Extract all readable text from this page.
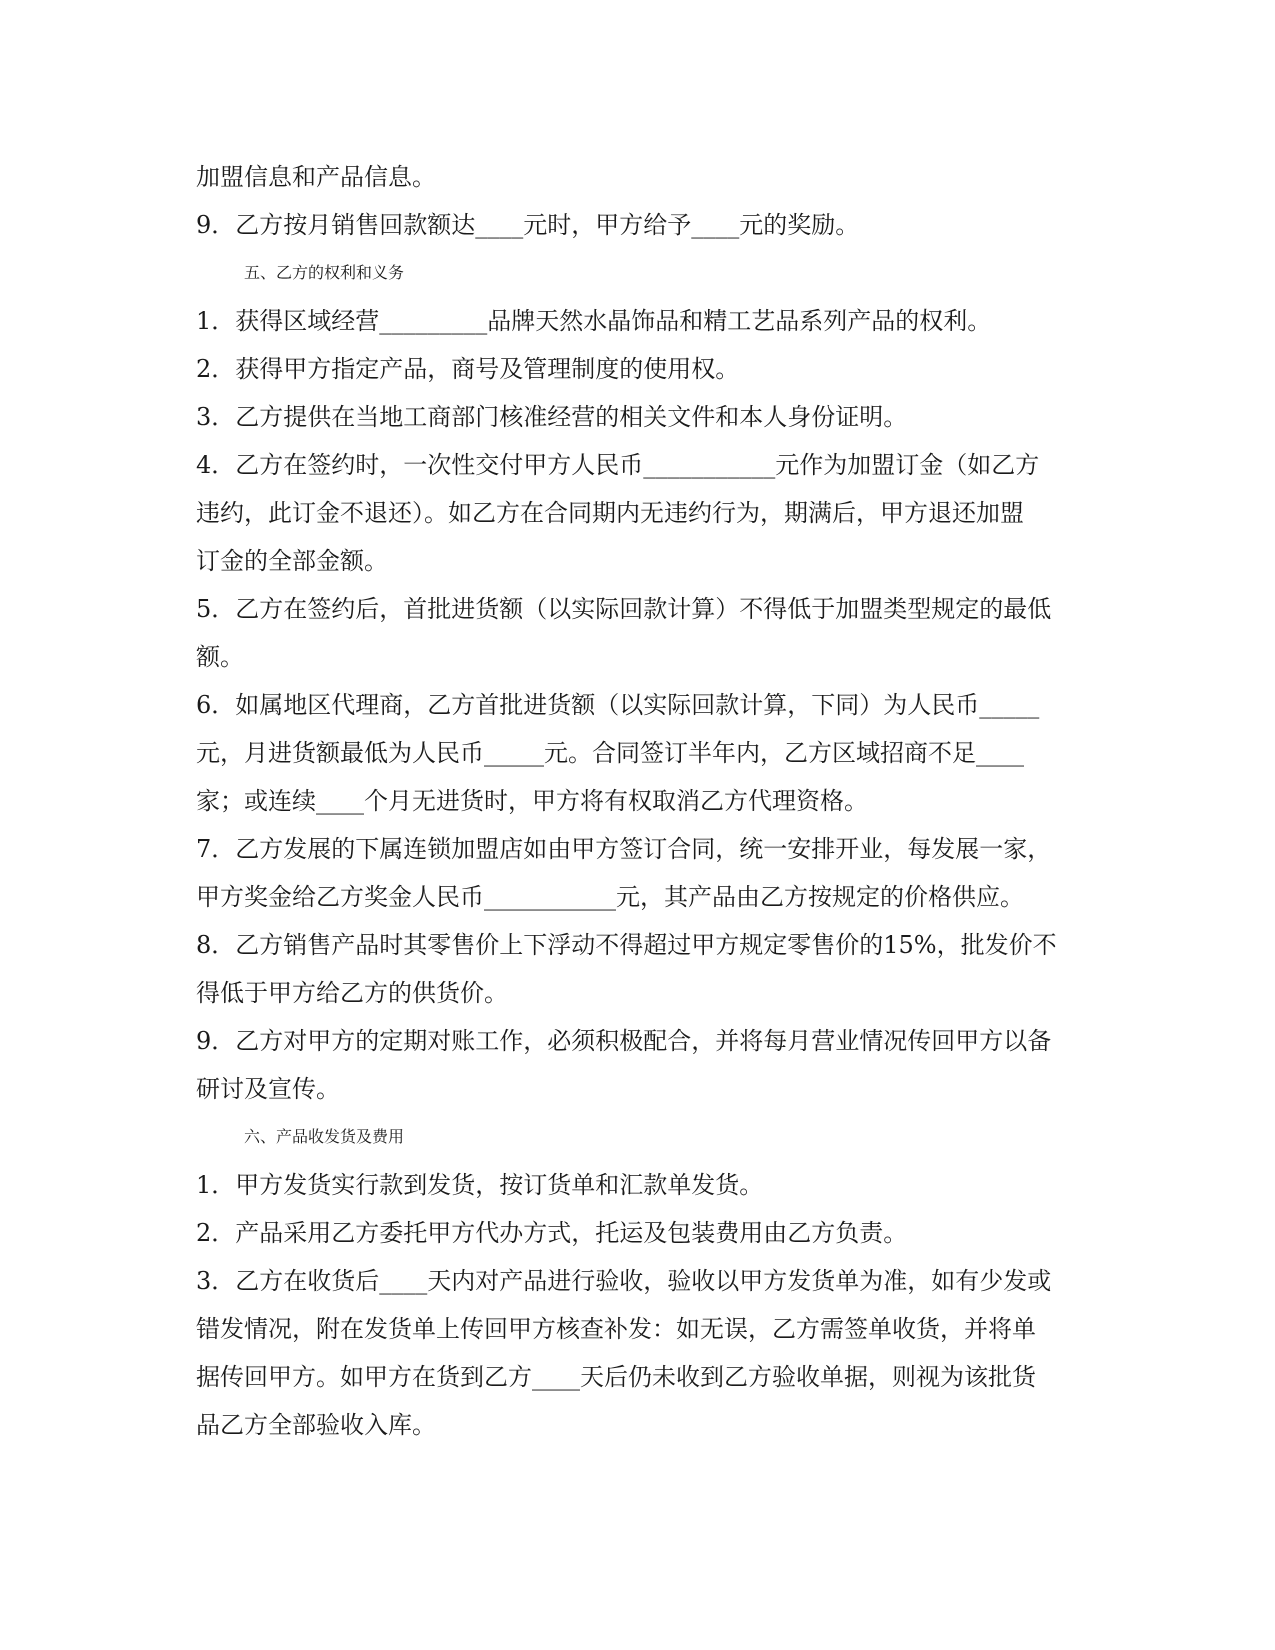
加盟信息和产品信息。

9．乙方按月销售回款额达____元时，甲方给予____元的奖励。

五、乙方的权利和义务

1．获得区域经营_________品牌天然水晶饰品和精工艺品系列产品的权利。

2．获得甲方指定产品，商号及管理制度的使用权。

3．乙方提供在当地工商部门核准经营的相关文件和本人身份证明。

4．乙方在签约时，一次性交付甲方人民币___________元作为加盟订金（如乙方

违约，此订金不退还）。如乙方在合同期内无违约行为，期满后，甲方退还加盟

订金的全部金额。

5．乙方在签约后，首批进货额（以实际回款计算）不得低于加盟类型规定的最低

额。

6．如属地区代理商，乙方首批进货额（以实际回款计算，下同）为人民币_____

元，月进货额最低为人民币_____元。合同签订半年内，乙方区域招商不足____

家；或连续____个月无进货时，甲方将有权取消乙方代理资格。

7．乙方发展的下属连锁加盟店如由甲方签订合同，统一安排开业，每发展一家，

甲方奖金给乙方奖金人民币___________元，其产品由乙方按规定的价格供应。

8．乙方销售产品时其零售价上下浮动不得超过甲方规定零售价的15%，批发价不

得低于甲方给乙方的供货价。

9．乙方对甲方的定期对账工作，必须积极配合，并将每月营业情况传回甲方以备

研讨及宣传。

六、产品收发货及费用

1．甲方发货实行款到发货，按订货单和汇款单发货。

2．产品采用乙方委托甲方代办方式，托运及包装费用由乙方负责。

3．乙方在收货后____天内对产品进行验收，验收以甲方发货单为准，如有少发或

错发情况，附在发货单上传回甲方核查补发：如无误，乙方需签单收货，并将单

据传回甲方。如甲方在货到乙方____天后仍未收到乙方验收单据，则视为该批货

品乙方全部验收入库。
